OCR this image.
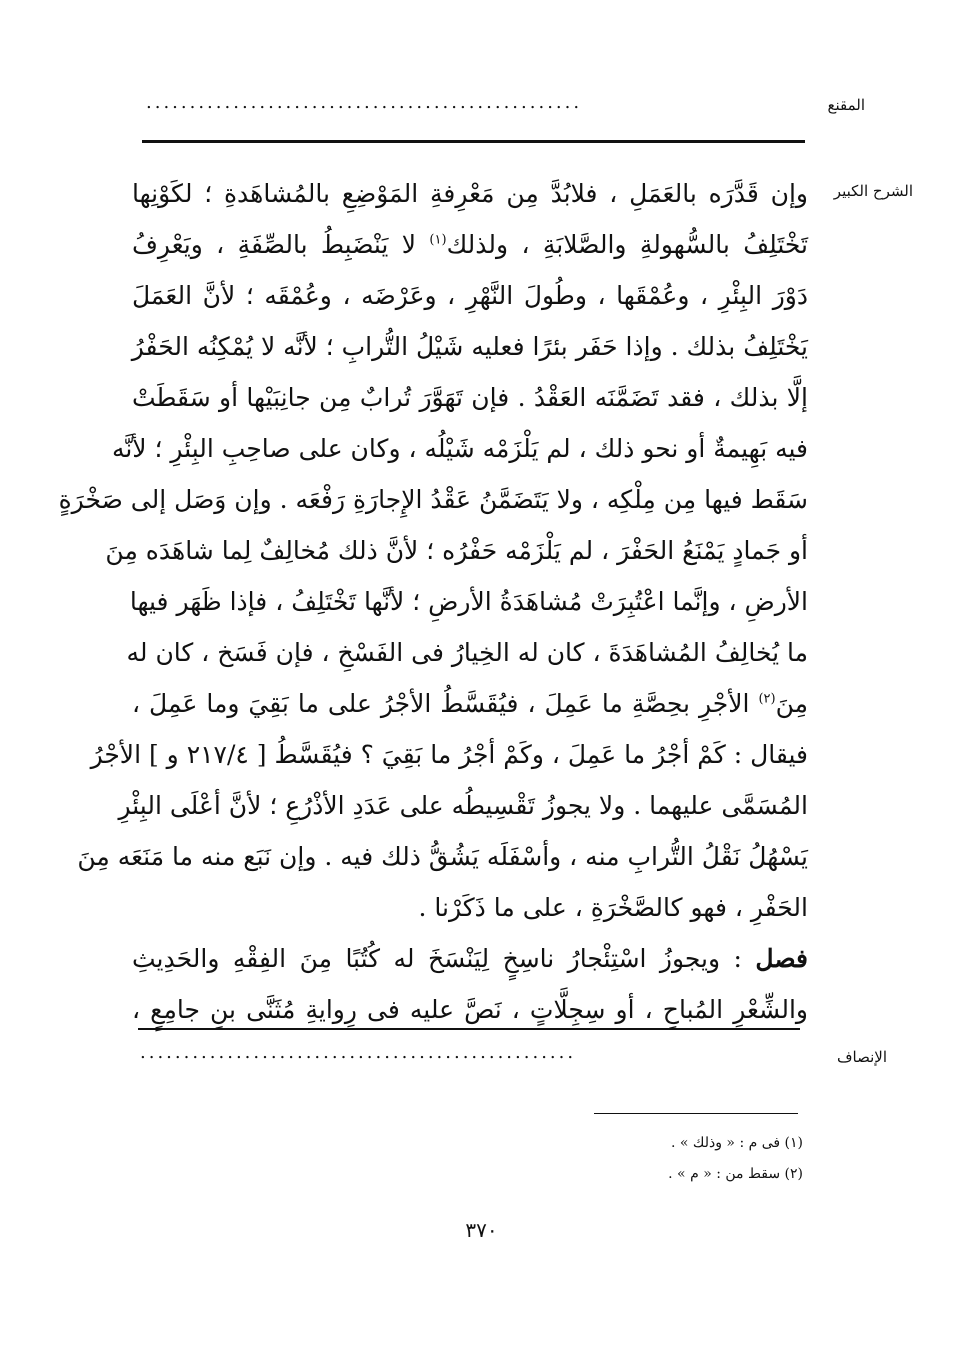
المقنع
..................................................
الشرح الكبير
وإن قَدَّرَه بالعَمَلِ ، فلابُدَّ مِن مَعْرِفةِ المَوْضِعِ بالمُشاهَدةِ ؛ لكَوْنِها
تَخْتَلِفُ بالسُّهولةِ والصَّلابَةِ ، ولذلك$^{(١)}$ لا يَنْضَبِطُ بالصِّفَةِ ، ويَعْرِفُ
دَوْرَ البِئْرِ ، وعُمْقَها ، وطُولَ النَّهْرِ ، وعَرْضَه ، وعُمْقَه ؛ لأنَّ العَمَلَ
يَخْتَلِفُ بذلك . وإذا حَفَر بئرًا فعليه شَيْلُ التُّرابِ ؛ لأنَّه لا يُمْكِنُه الحَفْرُ
إلَّا بذلك ، فقد تَضَمَّنَه العَقْدُ . فإن تَهَوَّرَ تُرابٌ مِن جانِبَيْها أو سَقَطَتْ
فيه بَهِيمةٌ أو نحو ذلك ، لم يَلْزَمْه شَيْلُه ، وكان على صاحِبِ البِئْرِ ؛ لأنَّه
سَقَط فيها مِن مِلْكِه ، ولا يَتَضَمَّنُ عَقْدُ الإِجارَةِ رَفْعَه . وإن وَصَل إلى صَخْرَةٍ
أو جَمادٍ يَمْنَعُ الحَفْرَ ، لم يَلْزَمْه حَفْرُه ؛ لأنَّ ذلك مُخالِفٌ لِما شاهَدَه مِنَ
الأرضِ ، وإنَّما اعْتُبِرَتْ مُشاهَدَةُ الأرضِ ؛ لأنَّها تَخْتَلِفُ ، فإذا ظَهَر فيها
ما يُخالِفُ المُشاهَدَةَ ، كان له الخِيارُ فى الفَسْخِ ، فإن فَسَخ ، كان له
مِنَ$^{(٢)}$ الأجْرِ بحِصَّةِ ما عَمِلَ ، فيُقَسَّطُ الأجْرُ على ما بَقِيَ وما عَمِلَ ،
فيقال : كَمْ أجْرُ ما عَمِلَ ، وكَمْ أجْرُ ما بَقِيَ ؟ فيُقَسَّطُ [ ٢١٧/٤ و ] الأجْرُ
المُسَمَّى عليهما . ولا يجوزُ تَقْسِيطُه على عَدَدِ الأذْرُعِ ؛ لأنَّ أعْلَى البِئْرِ
يَسْهُلُ نَقْلُ التُّرابِ منه ، وأسْفَلَه يَشُقُّ ذلك فيه . وإن نَبَع منه ما مَنَعَه مِنَ
الحَفْرِ ، فهو كالصَّخْرَةِ ، على ما ذَكَرْنا .
فصل : ويجوزُ اسْتِئْجارُ ناسِخٍ لِيَنْسَخَ له كُتُبًا مِنَ الفِقْهِ والحَدِيثِ
والشِّعْرِ المُباحِ ، أو سِجِلَّاتٍ ، نَصَّ عليه فى رِوايةِ مُثَنَّى بنِ جامِعٍ ،
الإنصاف
..................................................
(١) فى م : « وذلك » .
(٢) سقط من : « م » .
٣٧٠
